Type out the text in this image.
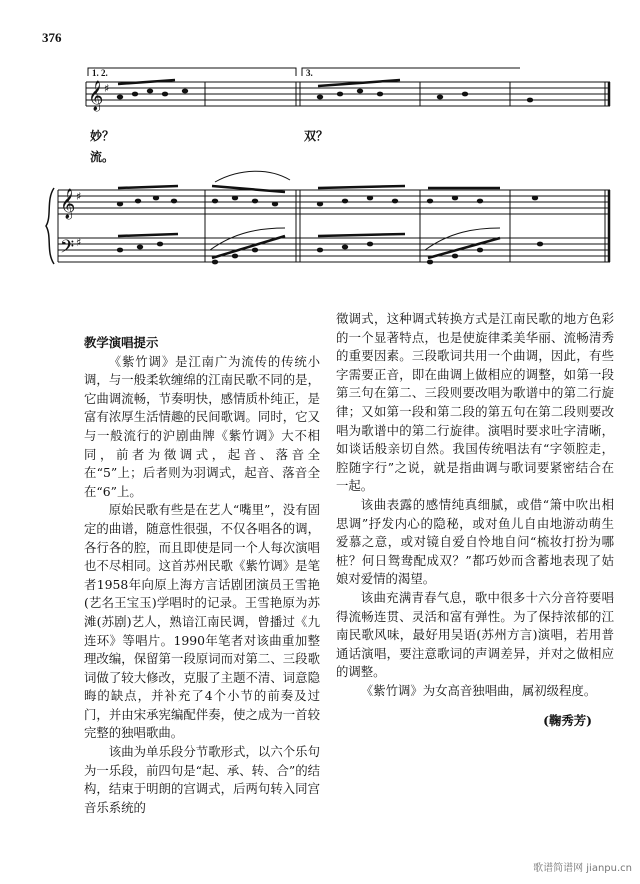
376
𝄞
𝄞
𝄢
♯
♯
♯
1. 2.	3.
妙？	双？
流。

教学演唱提示

《紫竹调》是江南广为流传的传统小调，与一般柔软缠绵的江南民歌不同的是，它曲调流畅，节奏明快，感情质朴纯正，是富有浓厚生活情趣的民间歌调。同时，它又与一般流行的沪剧曲牌《紫竹调》大不相同，前者为徵调式，起音、落音全在“5”上；后者则为羽调式，起音、落音全在“6”上。

原始民歌有些是在艺人“嘴里”，没有固定的曲谱，随意性很强，不仅各唱各的调，各行各的腔，而且即使是同一个人每次演唱也不尽相同。这首苏州民歌《紫竹调》是笔者1958年向原上海方言话剧团演员王雪艳(艺名王宝玉)学唱时的记录。王雪艳原为苏滩(苏剧)艺人，熟谙江南民调，曾播过《九连环》等唱片。1990年笔者对该曲重加整理改编，保留第一段原词而对第二、三段歌词做了较大修改，克服了主题不清、词意隐晦的缺点，并补充了4个小节的前奏及过门，并由宋承宪编配伴奏，使之成为一首较完整的独唱歌曲。

该曲为单乐段分节歌形式，以六个乐句为一乐段，前四句是“起、承、转、合”的结构，结束于明朗的宫调式，后两句转入同宫音乐系统的

徵调式，这种调式转换方式是江南民歌的地方色彩的一个显著特点，也是使旋律柔美华丽、流畅清秀的重要因素。三段歌词共用一个曲调，因此，有些字需要正音，即在曲调上做相应的调整，如第一段第三句在第二、三段则要改唱为歌谱中的第二行旋律；又如第一段和第二段的第五句在第二段则要改唱为歌谱中的第二行旋律。演唱时要求吐字清晰，如谈话般亲切自然。我国传统唱法有“字领腔走，腔随字行”之说，就是指曲调与歌词要紧密结合在一起。

该曲表露的感情纯真细腻，或借“箫中吹出相思调”抒发内心的隐秘，或对鱼儿自由地游动萌生爱慕之意，或对镜自爱自怜地自问“梳妆打扮为哪桩？何日鸳鸯配成双？”都巧妙而含蓄地表现了姑娘对爱情的渴望。

该曲充满青春气息，歌中很多十六分音符要唱得流畅连贯、灵活和富有弹性。为了保持浓郁的江南民歌风味，最好用吴语(苏州方言)演唱，若用普通话演唱，要注意歌词的声调差异，并对之做相应的调整。

《紫竹调》为女高音独唱曲，属初级程度。

(鞠秀芳)

歌谱简谱网 jianpu.cn
